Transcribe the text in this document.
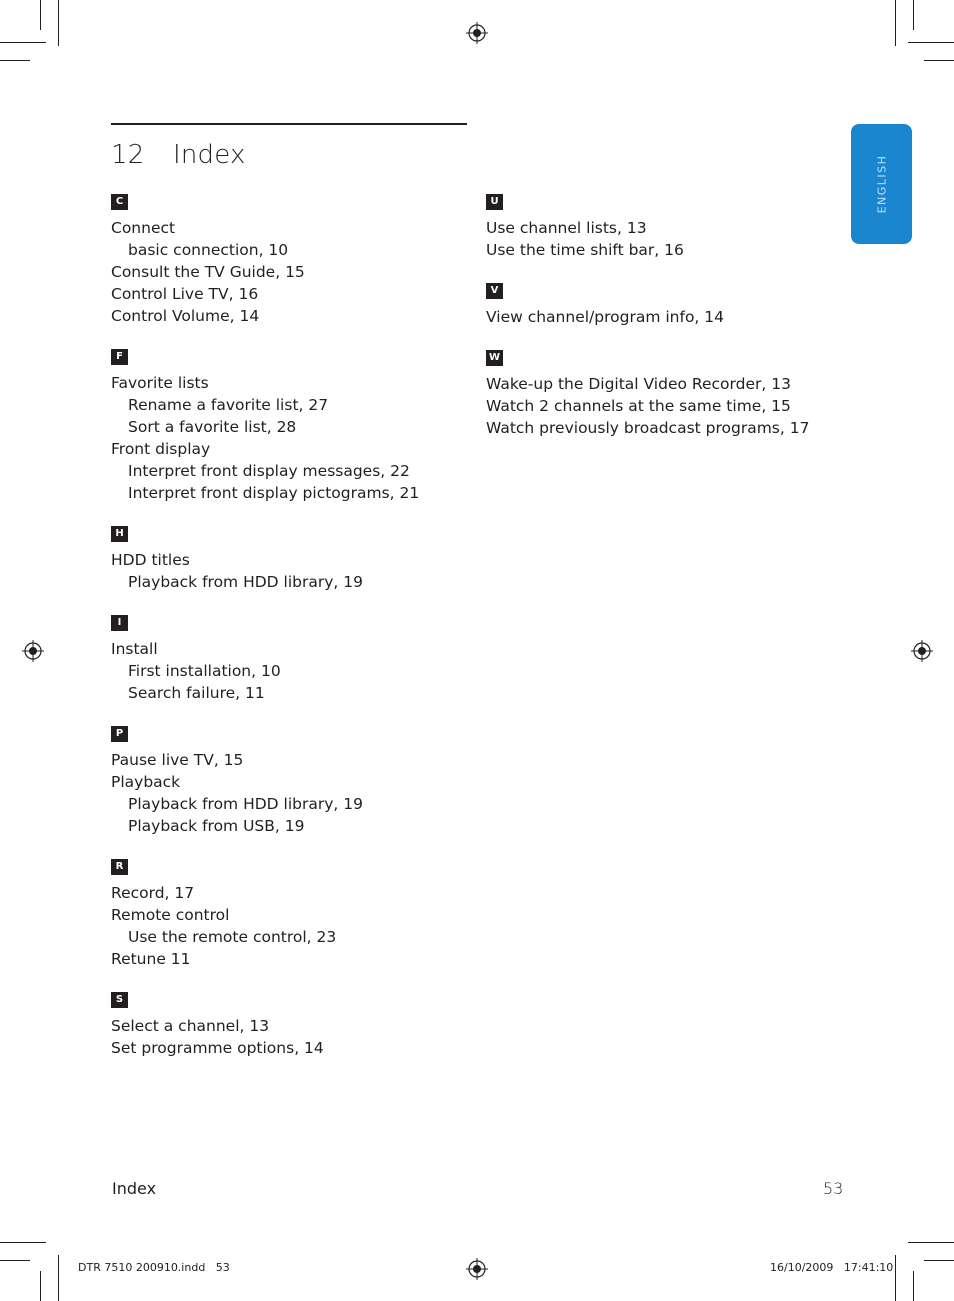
12 Index	ENGLISH
C
Connect
basic connection, 10
Consult the TV Guide, 15
Control Live TV, 16
Control Volume, 14
F
Favorite lists
Rename a favorite list, 27
Sort a favorite list, 28
Front display
Interpret front display messages, 22
Interpret front display pictograms, 21
H
HDD titles
Playback from HDD library, 19
I
Install
First installation, 10
Search failure, 11
P
Pause live TV, 15
Playback
Playback from HDD library, 19
Playback from USB, 19
R
Record, 17
Remote control
Use the remote control, 23
Retune 11
S
Select a channel, 13
Set programme options, 14
U
Use channel lists, 13
Use the time shift bar, 16
V
View channel/program info, 14
W
Wake-up the Digital Video Recorder, 13
Watch 2 channels at the same time, 15
Watch previously broadcast programs, 17
Index	53
DTR 7510 200910.indd   53	16/10/2009   17:41:10
